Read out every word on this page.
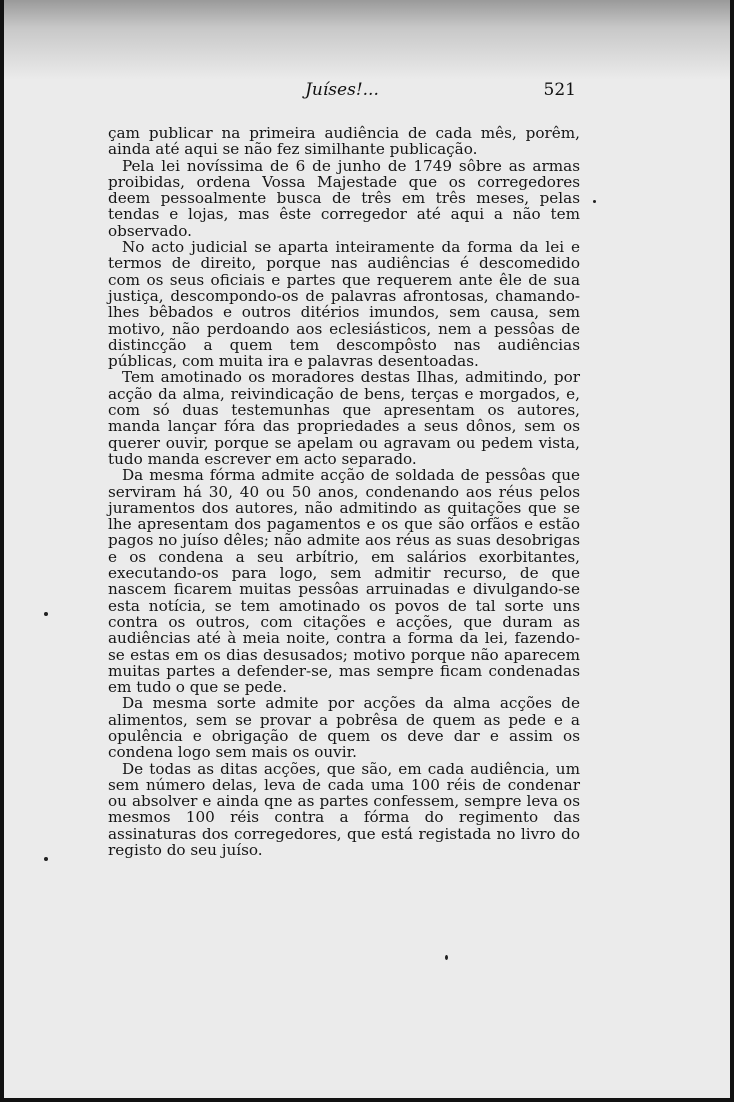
Juíses!...	521

çam publicar na primeira audiência de cada mês, porêm, ainda até aqui se não fez similhante publicação.

Pela lei novíssima de 6 de junho de 1749 sôbre as armas proibidas, ordena Vossa Majestade que os corregedores deem pessoalmente busca de três em três meses, pelas tendas e lojas, mas êste corregedor até aqui a não tem observado.

No acto judicial se aparta inteiramente da forma da lei e termos de direito, porque nas audiências é descomedido com os seus oficiais e partes que requerem ante êle de sua justiça, descompondo-os de palavras afrontosas, chamando-lhes bêbados e outros ditérios imundos, sem causa, sem motivo, não perdoando aos eclesiásticos, nem a pessôas de distincção a quem tem descompôsto nas audiências públicas, com muita ira e palavras desentoadas.

Tem amotinado os moradores destas Ilhas, admitindo, por acção da alma, reivindicação de bens, terças e morgados, e, com só duas testemunhas que apresentam os autores, manda lançar fóra das propriedades a seus dônos, sem os querer ouvir, porque se apelam ou agravam ou pedem vista, tudo manda escrever em acto separado.

Da mesma fórma admite acção de soldada de pessôas que serviram há 30, 40 ou 50 anos, condenando aos réus pelos juramentos dos autores, não admitindo as quitações que se lhe apresentam dos pagamentos e os que são orfãos e estão pagos no juíso dêles; não admite aos réus as suas desobrigas e os condena a seu arbítrio, em salários exorbitantes, executando-os para logo, sem admitir recurso, de que nascem ficarem muitas pessôas arruinadas e divulgando-se esta notícia, se tem amotinado os povos de tal sorte uns contra os outros, com citações e acções, que duram as audiências até à meia noite, contra a forma da lei, fazendo-se estas em os dias desusados; motivo porque não aparecem muitas partes a defender-se, mas sempre ficam condenadas em tudo o que se pede.

Da mesma sorte admite por acções da alma acções de alimentos, sem se provar a pobrêsa de quem as pede e a opulência e obrigação de quem os deve dar e assim os condena logo sem mais os ouvir.

De todas as ditas acções, que são, em cada audiência, um sem número delas, leva de cada uma 100 réis de condenar ou absolver e ainda qne as partes confessem, sempre leva os mesmos 100 réis contra a fórma do regimento das assinaturas dos corregedores, que está registada no livro do registo do seu juíso.
